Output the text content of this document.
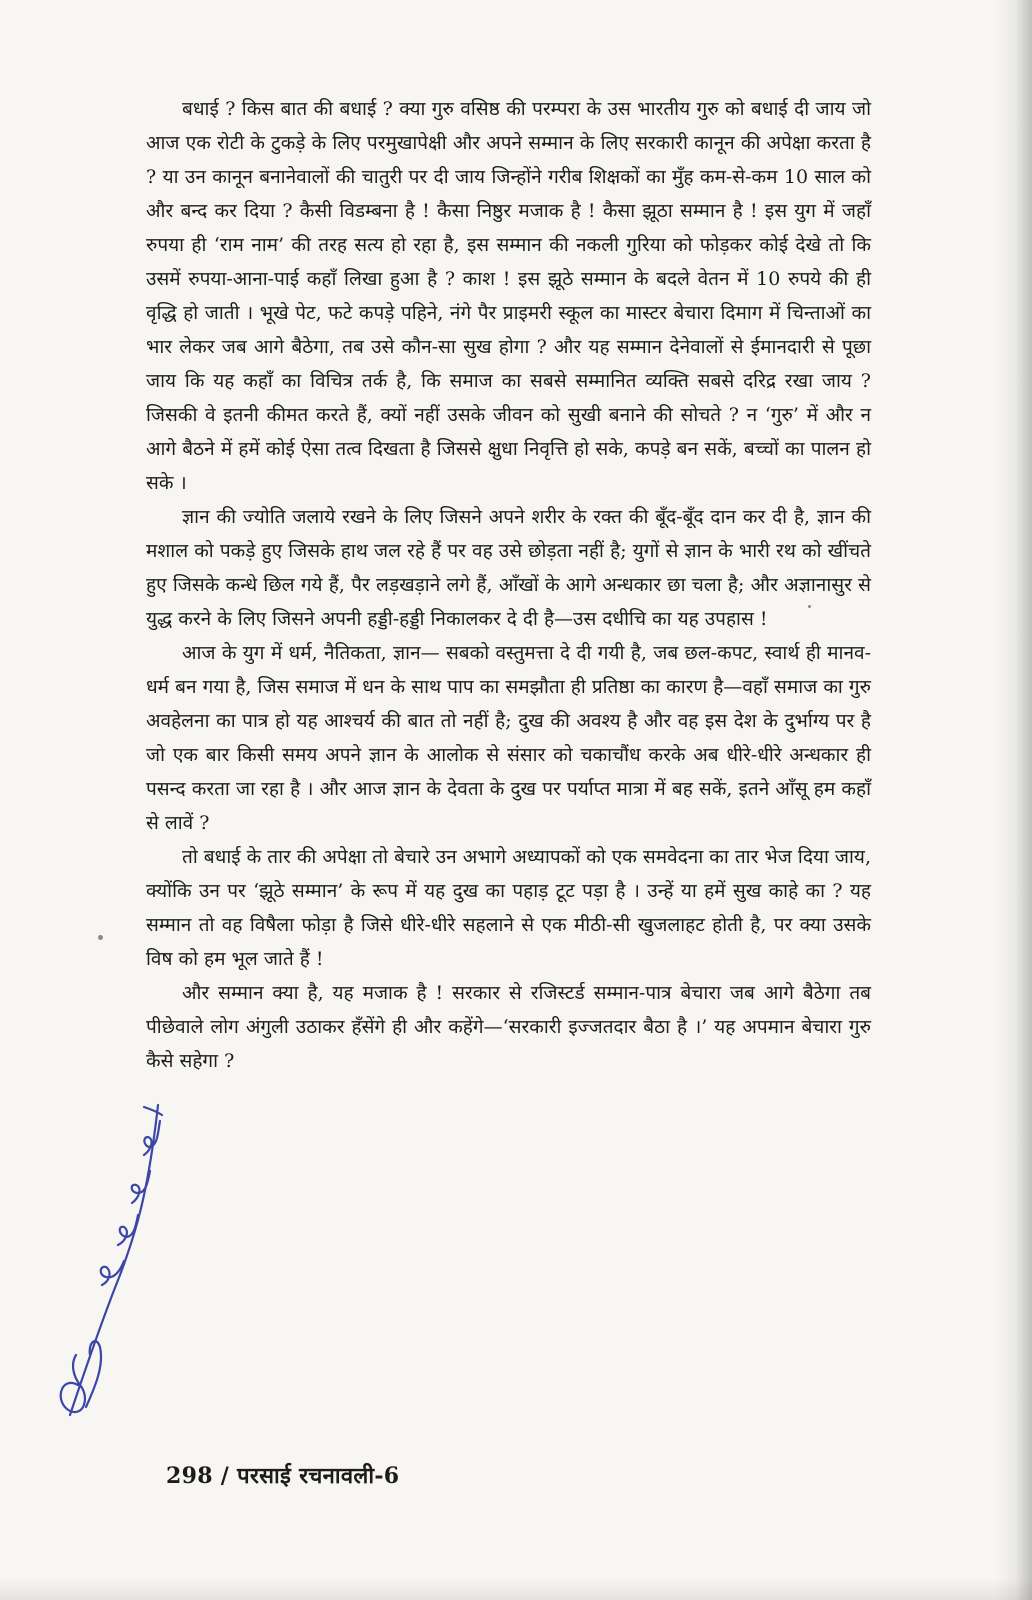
बधाई ? किस बात की बधाई ? क्या गुरु वसिष्ठ की परम्परा के उस भारतीय गुरु को बधाई दी जाय जो आज एक रोटी के टुकड़े के लिए परमुखापेक्षी और अपने सम्मान के लिए सरकारी कानून की अपेक्षा करता है ? या उन कानून बनानेवालों की चातुरी पर दी जाय जिन्होंने गरीब शिक्षकों का मुँह कम-से-कम 10 साल को और बन्द कर दिया ? कैसी विडम्बना है ! कैसा निष्ठुर मजाक है ! कैसा झूठा सम्मान है ! इस युग में जहाँ रुपया ही ‘राम नाम’ की तरह सत्य हो रहा है, इस सम्मान की नकली गुरिया को फोड़कर कोई देखे तो कि उसमें रुपया-आना-पाई कहाँ लिखा हुआ है ? काश ! इस झूठे सम्मान के बदले वेतन में 10 रुपये की ही वृद्धि हो जाती । भूखे पेट, फटे कपड़े पहिने, नंगे पैर प्राइमरी स्कूल का मास्टर बेचारा दिमाग में चिन्ताओं का भार लेकर जब आगे बैठेगा, तब उसे कौन-सा सुख होगा ? और यह सम्मान देनेवालों से ईमानदारी से पूछा जाय कि यह कहाँ का विचित्र तर्क है, कि समाज का सबसे सम्मानित व्यक्ति सबसे दरिद्र रखा जाय ? जिसकी वे इतनी कीमत करते हैं, क्यों नहीं उसके जीवन को सुखी बनाने की सोचते ? न ‘गुरु’ में और न आगे बैठने में हमें कोई ऐसा तत्व दिखता है जिससे क्षुधा निवृत्ति हो सके, कपड़े बन सकें, बच्चों का पालन हो सके ।

ज्ञान की ज्योति जलाये रखने के लिए जिसने अपने शरीर के रक्त की बूँद-बूँद दान कर दी है, ज्ञान की मशाल को पकड़े हुए जिसके हाथ जल रहे हैं पर वह उसे छोड़ता नहीं है; युगों से ज्ञान के भारी रथ को खींचते हुए जिसके कन्धे छिल गये हैं, पैर लड़खड़ाने लगे हैं, आँखों के आगे अन्धकार छा चला है; और अज्ञानासुर से युद्ध करने के लिए जिसने अपनी हड्डी-हड्डी निकालकर दे दी है—उस दधीचि का यह उपहास !

आज के युग में धर्म, नैतिकता, ज्ञान— सबको वस्तुमत्ता दे दी गयी है, जब छल-कपट, स्वार्थ ही मानव-धर्म बन गया है, जिस समाज में धन के साथ पाप का समझौता ही प्रतिष्ठा का कारण है—वहाँ समाज का गुरु अवहेलना का पात्र हो यह आश्चर्य की बात तो नहीं है; दुख की अवश्य है और वह इस देश के दुर्भाग्य पर है जो एक बार किसी समय अपने ज्ञान के आलोक से संसार को चकाचौंध करके अब धीरे-धीरे अन्धकार ही पसन्द करता जा रहा है । और आज ज्ञान के देवता के दुख पर पर्याप्त मात्रा में बह सकें, इतने आँसू हम कहाँ से लावें ?

तो बधाई के तार की अपेक्षा तो बेचारे उन अभागे अध्यापकों को एक समवेदना का तार भेज दिया जाय, क्योंकि उन पर ‘झूठे सम्मान’ के रूप में यह दुख का पहाड़ टूट पड़ा है । उन्हें या हमें सुख काहे का ? यह सम्मान तो वह विषैला फोड़ा है जिसे धीरे-धीरे सहलाने से एक मीठी-सी खुजलाहट होती है, पर क्या उसके विष को हम भूल जाते हैं !

और सम्मान क्या है, यह मजाक है ! सरकार से रजिस्टर्ड सम्मान-पात्र बेचारा जब आगे बैठेगा तब पीछेवाले लोग अंगुली उठाकर हँसेंगे ही और कहेंगे—‘सरकारी इज्जतदार बैठा है ।’ यह अपमान बेचारा गुरु कैसे सहेगा ?

298 / परसाई रचनावली-6
